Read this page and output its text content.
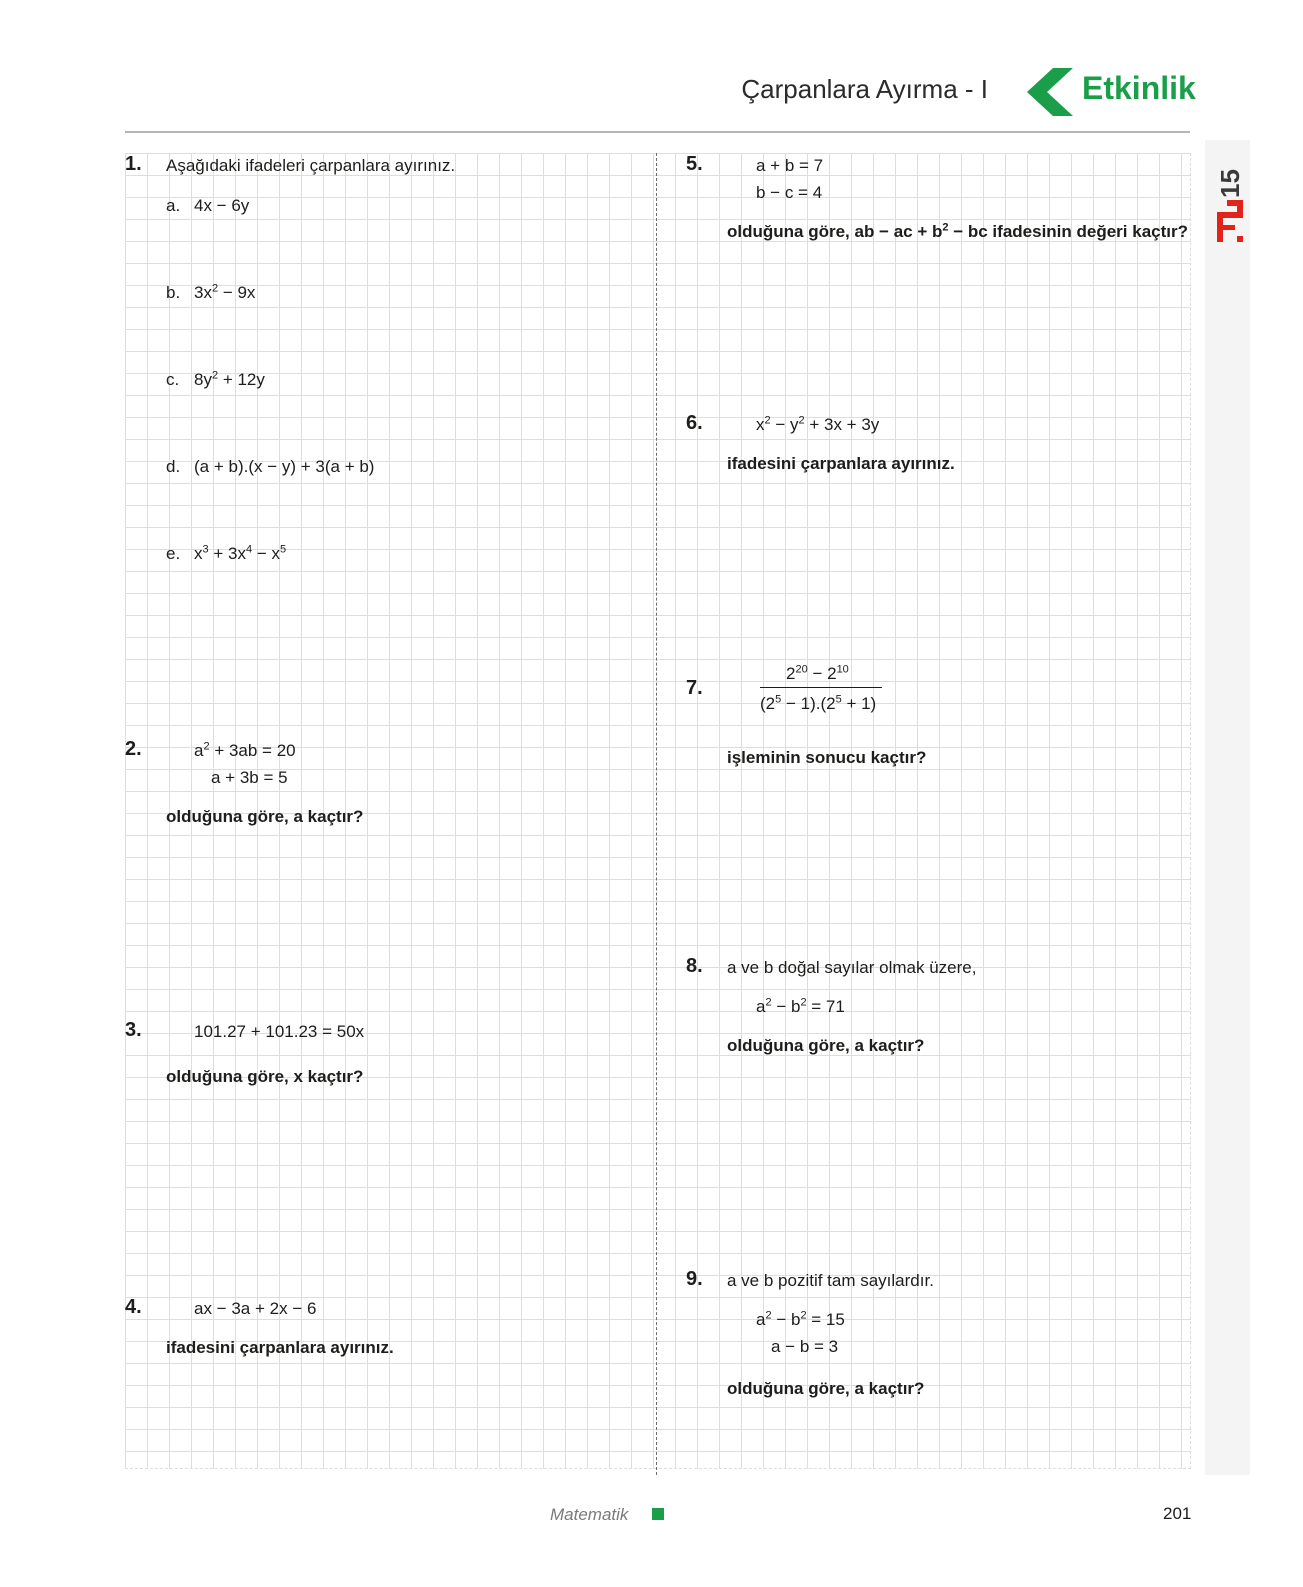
15
Çarpanlara Ayırma - I	Etkinlik
1. Aşağıdaki ifadeleri çarpanlara ayırınız.
a. 4x − 6y
b. $3x^2 - 9x$
c. $8y^2 + 12y$
d. (a + b).(x − y) + 3(a + b)
e. $x^3 + 3x^4 - x^5$
2.	$a^2 + 3ab = 20$
a + 3b = 5
olduğuna göre, a kaçtır?
3.	101.27 + 101.23 = 50x
olduğuna göre, x kaçtır?
4.	ax − 3a + 2x − 6
ifadesini çarpanlara ayırınız.
5.	a + b = 7
b − c = 4
olduğuna göre, ab − ac + $b^2$ − bc ifadesinin değeri kaçtır?
6.	$x^2 - y^2 + 3x + 3y$
ifadesini çarpanlara ayırınız.
7.
$2^{20} - 2^{10}$
$(2^5 - 1).(2^5 + 1)$
işleminin sonucu kaçtır?
8. a ve b doğal sayılar olmak üzere,
$a^2 - b^2 = 71$
olduğuna göre, a kaçtır?
9. a ve b pozitif tam sayılardır.
$a^2 - b^2 = 15$
a − b = 3
olduğuna göre, a kaçtır?
Matematik	201
